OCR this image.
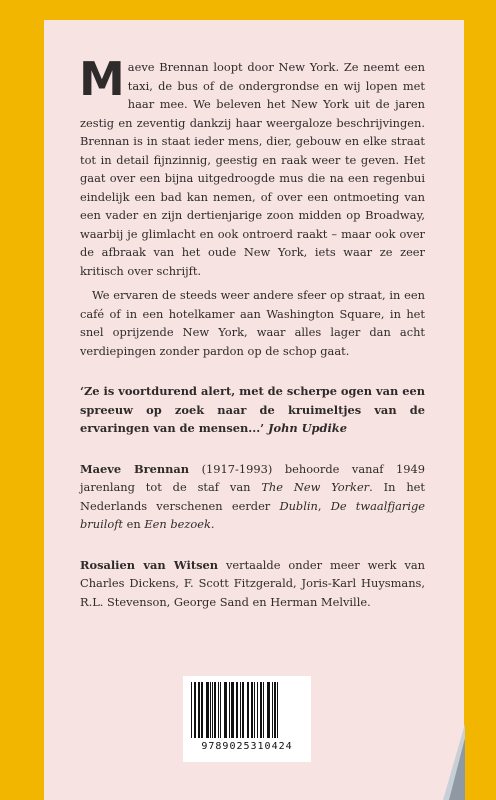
Maeve Brennan loopt door New York. Ze neemt een taxi, de bus of de ondergrondse en wij lopen met haar mee. We beleven het New York uit de jaren zestig en zeventig dankzij haar weergaloze beschrijvingen. Brennan is in staat ieder mens, dier, gebouw en elke straat tot in detail fijnzinnig, geestig en raak weer te geven. Het gaat over een bijna uitgedroogde mus die na een regenbui eindelijk een bad kan nemen, of over een ontmoeting van een vader en zijn dertienjarige zoon midden op Broadway, waarbij je glimlacht en ook ontroerd raakt – maar ook over de afbraak van het oude New York, iets waar ze zeer kritisch over schrijft.

We ervaren de steeds weer andere sfeer op straat, in een café of in een hotelkamer aan Washington Square, in het snel oprijzende New York, waar alles lager dan acht verdiepingen zonder pardon op de schop gaat.

‘Ze is voortdurend alert, met de scherpe ogen van een spreeuw op zoek naar de kruimeltjes van de ervaringen van de mensen...’ John Updike

Maeve Brennan (1917-1993) behoorde vanaf 1949 jarenlang tot de staf van The New Yorker. In het Nederlands verschenen eerder Dublin, De twaalfjarige bruiloft en Een bezoek.

Rosalien van Witsen vertaalde onder meer werk van Charles Dickens, F. Scott Fitzgerald, Joris-Karl Huysmans, R.L. Stevenson, George Sand en Herman Melville.

9789025310424
